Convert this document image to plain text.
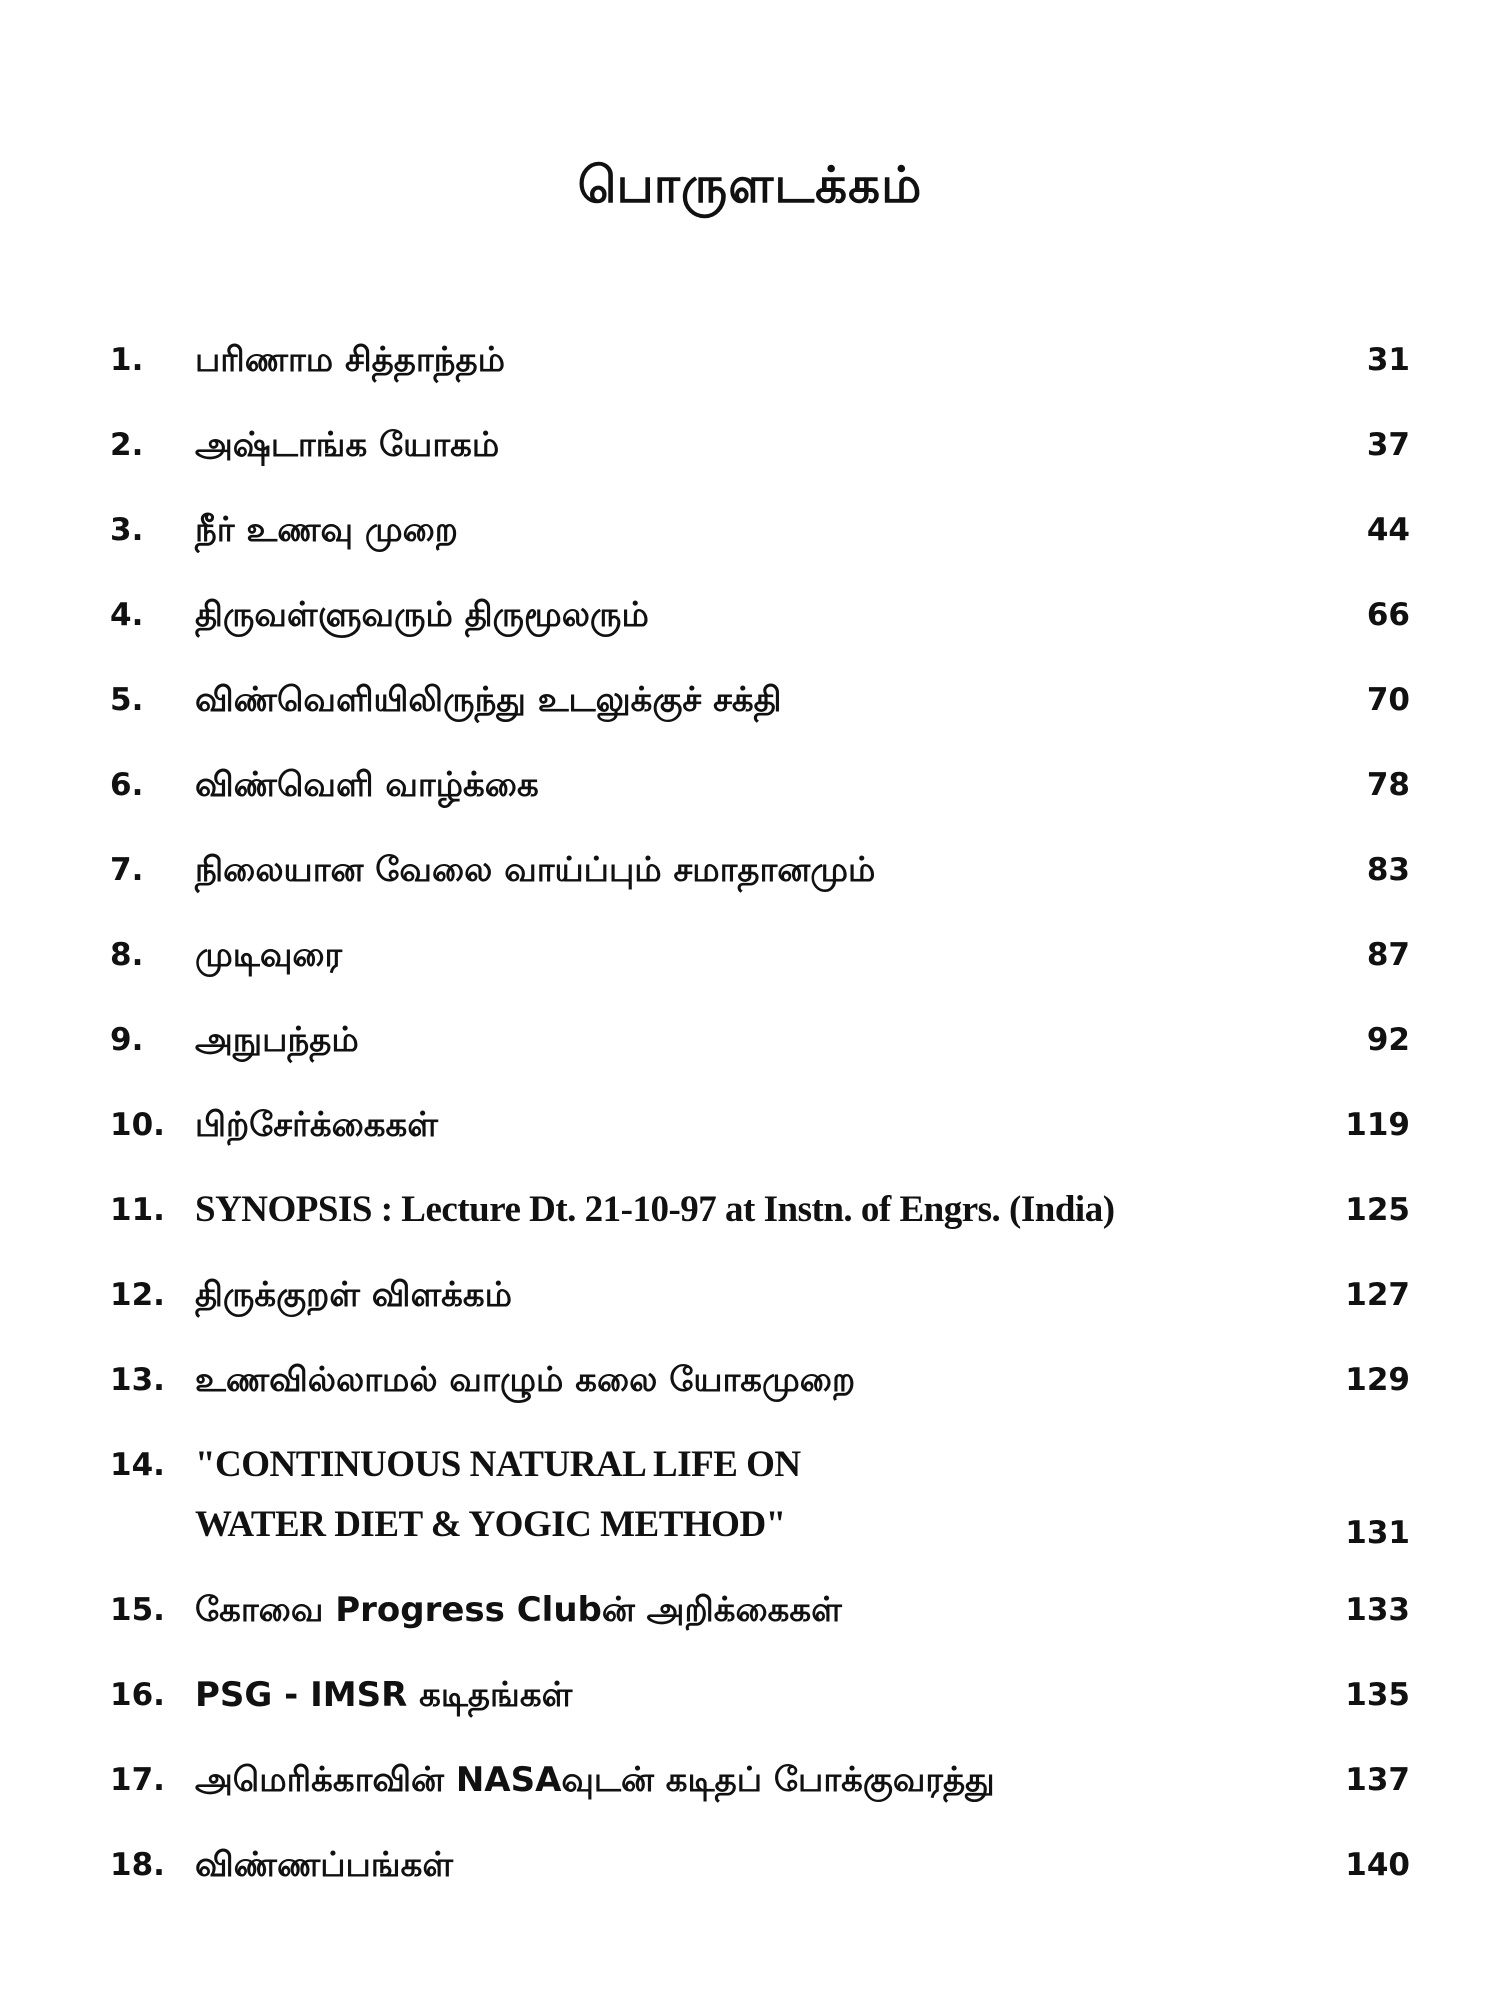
பொருளடக்கம்
1.	பரிணாம சித்தாந்தம்	31
2.	அஷ்டாங்க யோகம்	37
3.	நீர் உணவு முறை	44
4.	திருவள்ளுவரும் திருமூலரும்	66
5.	விண்வெளியிலிருந்து உடலுக்குச் சக்தி	70
6.	விண்வெளி வாழ்க்கை	78
7.	நிலையான வேலை வாய்ப்பும் சமாதானமும்	83
8.	முடிவுரை	87
9.	அநுபந்தம்	92
10. பிற்சேர்க்கைகள்	119
11. SYNOPSIS : Lecture Dt. 21-10-97 at Instn. of Engrs. (India)	125
12. திருக்குறள் விளக்கம்	127
13. உணவில்லாமல் வாழும் கலை யோகமுறை	129
14. "CONTINUOUS NATURAL LIFE ON
WATER DIET & YOGIC METHOD"	131
15. கோவை Progress Clubன் அறிக்கைகள்	133
16. PSG - IMSR கடிதங்கள்	135
17. அமெரிக்காவின் NASAவுடன் கடிதப் போக்குவரத்து	137
18. விண்ணப்பங்கள்	140
